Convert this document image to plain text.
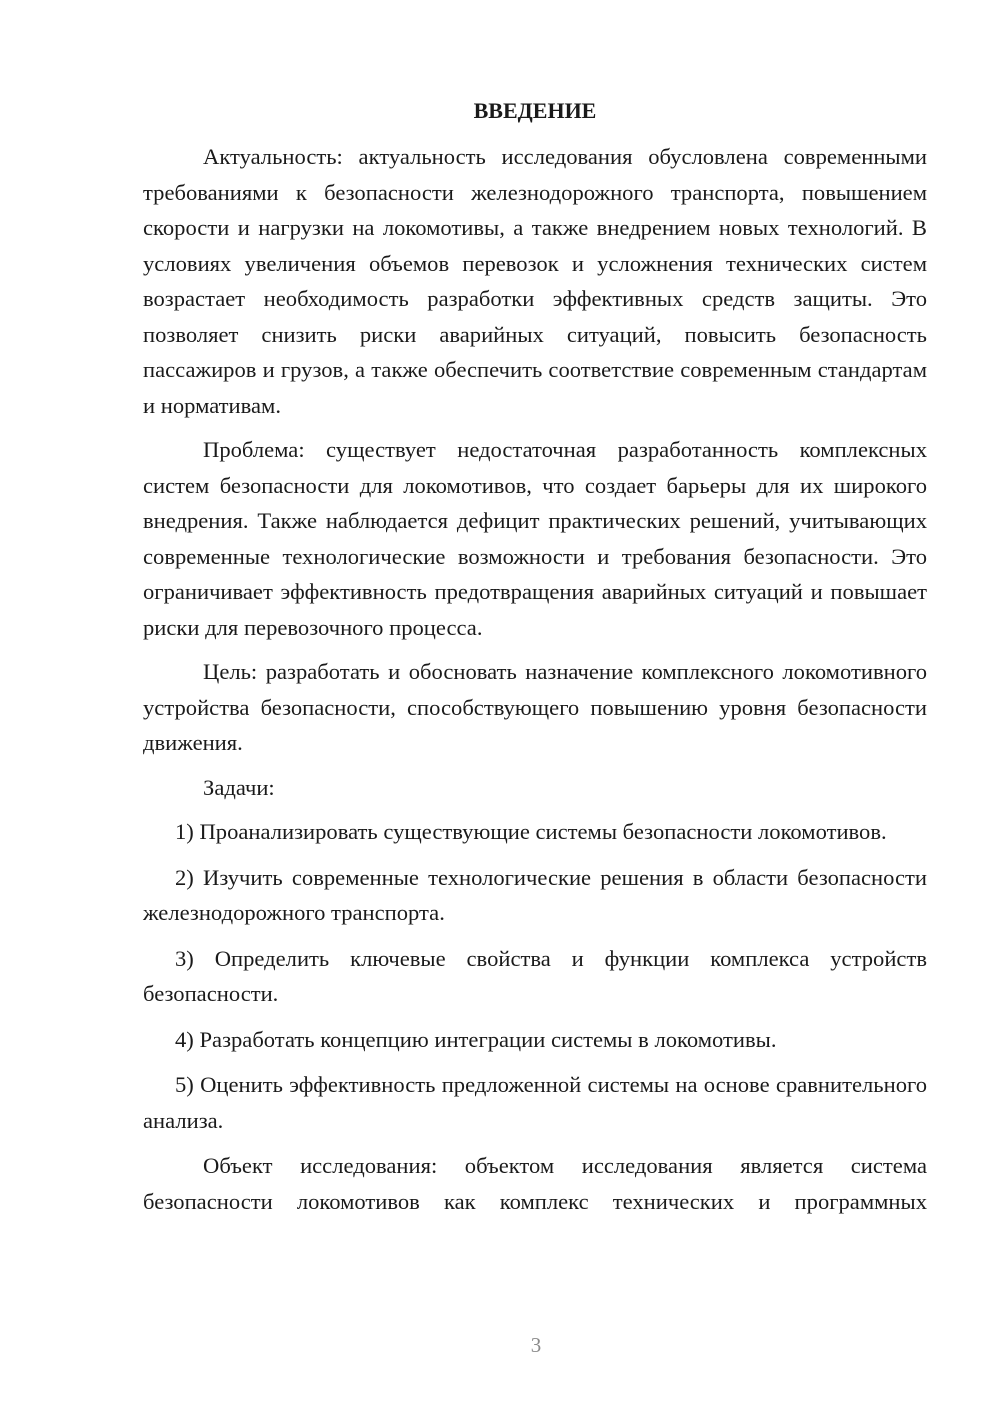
ВВЕДЕНИЕ

Актуальность: актуальность исследования обусловлена современными требованиями к безопасности железнодорожного транспорта, повышением скорости и нагрузки на локомотивы, а также внедрением новых технологий. В условиях увеличения объемов перевозок и усложнения технических систем возрастает необходимость разработки эффективных средств защиты. Это позволяет снизить риски аварийных ситуаций, повысить безопасность пассажиров и грузов, а также обеспечить соответствие современным стандартам и нормативам.

Проблема: существует недостаточная разработанность комплексных систем безопасности для локомотивов, что создает барьеры для их широкого внедрения. Также наблюдается дефицит практических решений, учитывающих современные технологические возможности и требования безопасности. Это ограничивает эффективность предотвращения аварийных ситуаций и повышает риски для перевозочного процесса.

Цель: разработать и обосновать назначение комплексного локомотивного устройства безопасности, способствующего повышению уровня безопасности движения.

Задачи:

1) Проанализировать существующие системы безопасности локомотивов.

2) Изучить современные технологические решения в области безопасности железнодорожного транспорта.

3) Определить ключевые свойства и функции комплекса устройств безопасности.

4) Разработать концепцию интеграции системы в локомотивы.

5) Оценить эффективность предложенной системы на основе сравнительного анализа.

Объект исследования: объектом исследования является система безопасности локомотивов как комплекс технических и программных

3
